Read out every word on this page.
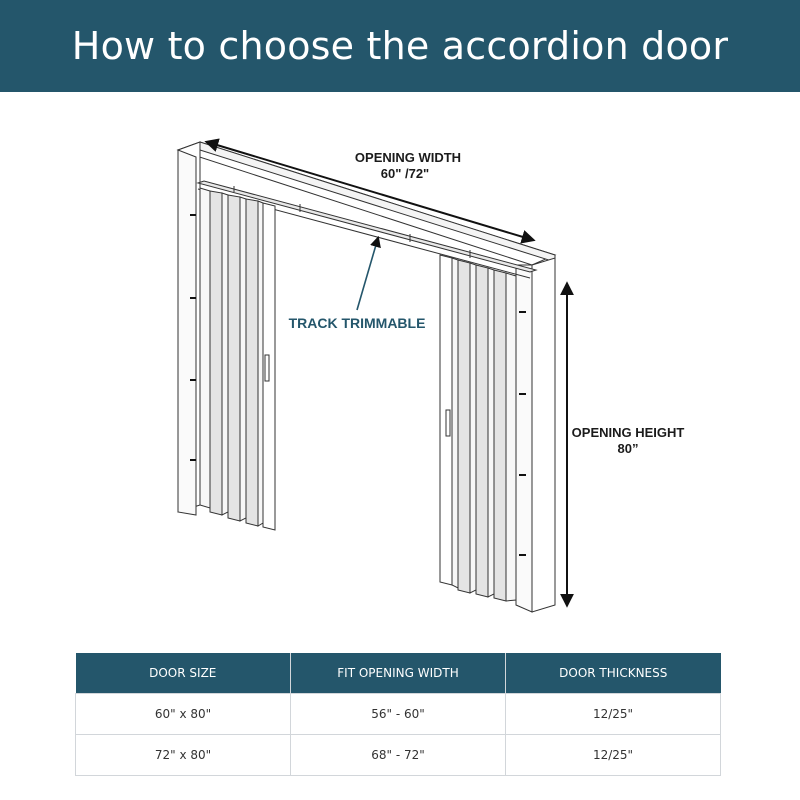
How to choose the accordion door
OPENING WIDTH
60" /72"
TRACK TRIMMABLE
OPENING HEIGHT
80”
DOOR SIZE	FIT OPENING WIDTH	DOOR THICKNESS
60" x 80"	56" - 60"	12/25"
72" x 80"	68" - 72"	12/25"
